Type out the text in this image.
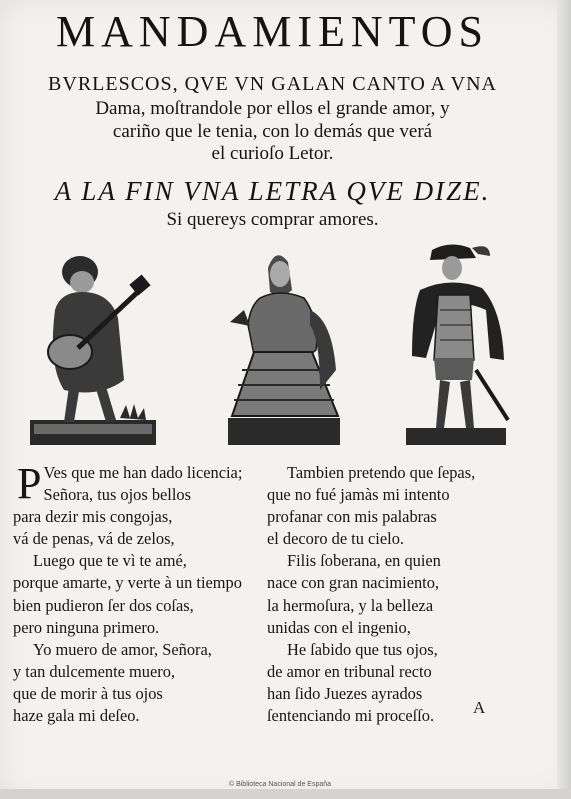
MANDAMIENTOS
BVRLESCOS, QVE VN GALAN CANTO A VNA
Dama, moſtrandole por ellos el grande amor, y
cariño que le tenia, con lo demás que verá
el curioſo Letor.
A LA FIN VNA LETRA QVE DIZE.
Si quereys comprar amores.
P Ves que me han dado licencia;
Señora, tus ojos bellos
para dezir mis congojas,
vá de penas, vá de zelos,
Luego que te vì te amé,
porque amarte, y verte à un tiempo
bien pudieron ſer dos coſas,
pero ninguna primero.
Yo muero de amor, Señora,
y tan dulcemente muero,
que de morir à tus ojos
haze gala mi deſeo.
Tambien pretendo que ſepas,
que no fué jamàs mi intento
profanar con mis palabras
el decoro de tu cielo.
Filis ſoberana, en quien
nace con gran nacimiento,
la hermoſura, y la belleza
unidas con el ingenio,
He ſabido que tus ojos,
de amor en tribunal recto
han ſido Juezes ayrados
ſentenciando mi proceſſo.	A
© Biblioteca Nacional de España
